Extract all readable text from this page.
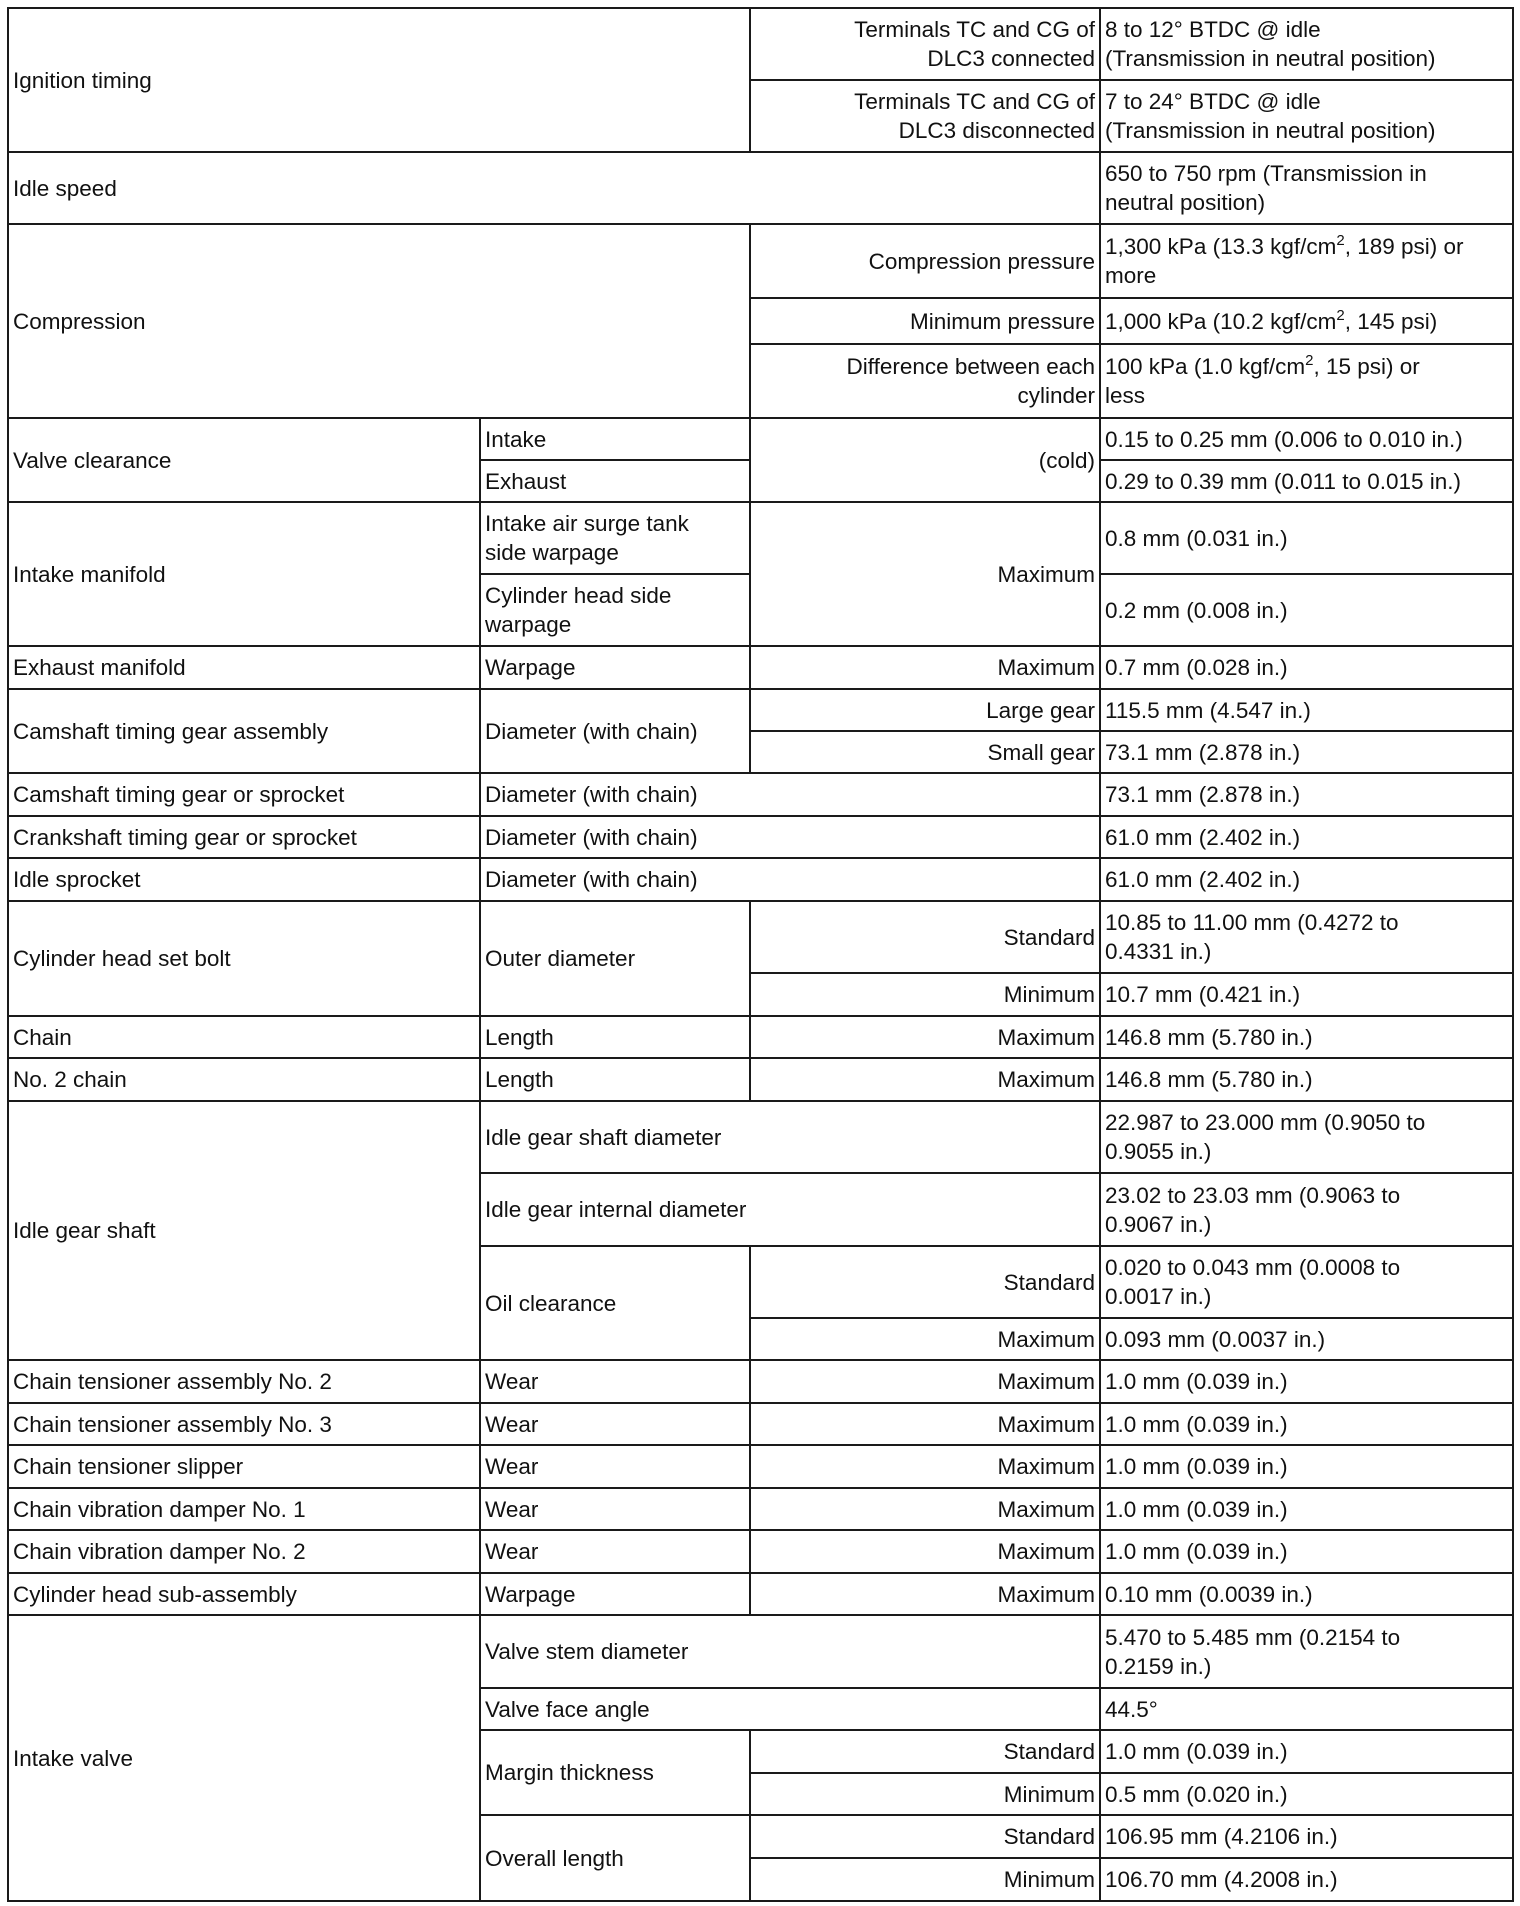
Ignition timing		Terminals TC and CG of
DLC3 connected	8 to 12° BTDC @ idle
(Transmission in neutral position)
		Terminals TC and CG of
DLC3 disconnected	7 to 24° BTDC @ idle
(Transmission in neutral position)
Idle speed			650 to 750 rpm (Transmission in
neutral position)
Compression		Compression pressure	1,300 kPa (13.3 kgf/$cm^2$, 189 psi) or
more
		Minimum pressure	1,000 kPa (10.2 kgf/$cm^2$, 145 psi)
		Difference between each
cylinder	100 kPa (1.0 kgf/$cm^2$, 15 psi) or
less
Valve clearance	Intake	(cold)	0.15 to 0.25 mm (0.006 to 0.010 in.)
	Exhaust		0.29 to 0.39 mm (0.011 to 0.015 in.)
Intake manifold	Intake air surge tank
side warpage	Maximum	0.8 mm (0.031 in.)
	Cylinder head side
warpage		0.2 mm (0.008 in.)
Exhaust manifold	Warpage	Maximum	0.7 mm (0.028 in.)
Camshaft timing gear assembly	Diameter (with chain)	Large gear	115.5 mm (4.547 in.)
		Small gear	73.1 mm (2.878 in.)
Camshaft timing gear or sprocket	Diameter (with chain)		73.1 mm (2.878 in.)
Crankshaft timing gear or sprocket	Diameter (with chain)		61.0 mm (2.402 in.)
Idle sprocket	Diameter (with chain)		61.0 mm (2.402 in.)
Cylinder head set bolt	Outer diameter	Standard	10.85 to 11.00 mm (0.4272 to
0.4331 in.)
		Minimum	10.7 mm (0.421 in.)
Chain	Length	Maximum	146.8 mm (5.780 in.)
No. 2 chain	Length	Maximum	146.8 mm (5.780 in.)
Idle gear shaft	Idle gear shaft diameter		22.987 to 23.000 mm (0.9050 to
0.9055 in.)
	Idle gear internal diameter		23.02 to 23.03 mm (0.9063 to
0.9067 in.)
	Oil clearance	Standard	0.020 to 0.043 mm (0.0008 to
0.0017 in.)
		Maximum	0.093 mm (0.0037 in.)
Chain tensioner assembly No. 2	Wear	Maximum	1.0 mm (0.039 in.)
Chain tensioner assembly No. 3	Wear	Maximum	1.0 mm (0.039 in.)
Chain tensioner slipper	Wear	Maximum	1.0 mm (0.039 in.)
Chain vibration damper No. 1	Wear	Maximum	1.0 mm (0.039 in.)
Chain vibration damper No. 2	Wear	Maximum	1.0 mm (0.039 in.)
Cylinder head sub-assembly	Warpage	Maximum	0.10 mm (0.0039 in.)
Intake valve	Valve stem diameter		5.470 to 5.485 mm (0.2154 to
0.2159 in.)
	Valve face angle		44.5°
	Margin thickness	Standard	1.0 mm (0.039 in.)
		Minimum	0.5 mm (0.020 in.)
	Overall length	Standard	106.95 mm (4.2106 in.)
		Minimum	106.70 mm (4.2008 in.)
